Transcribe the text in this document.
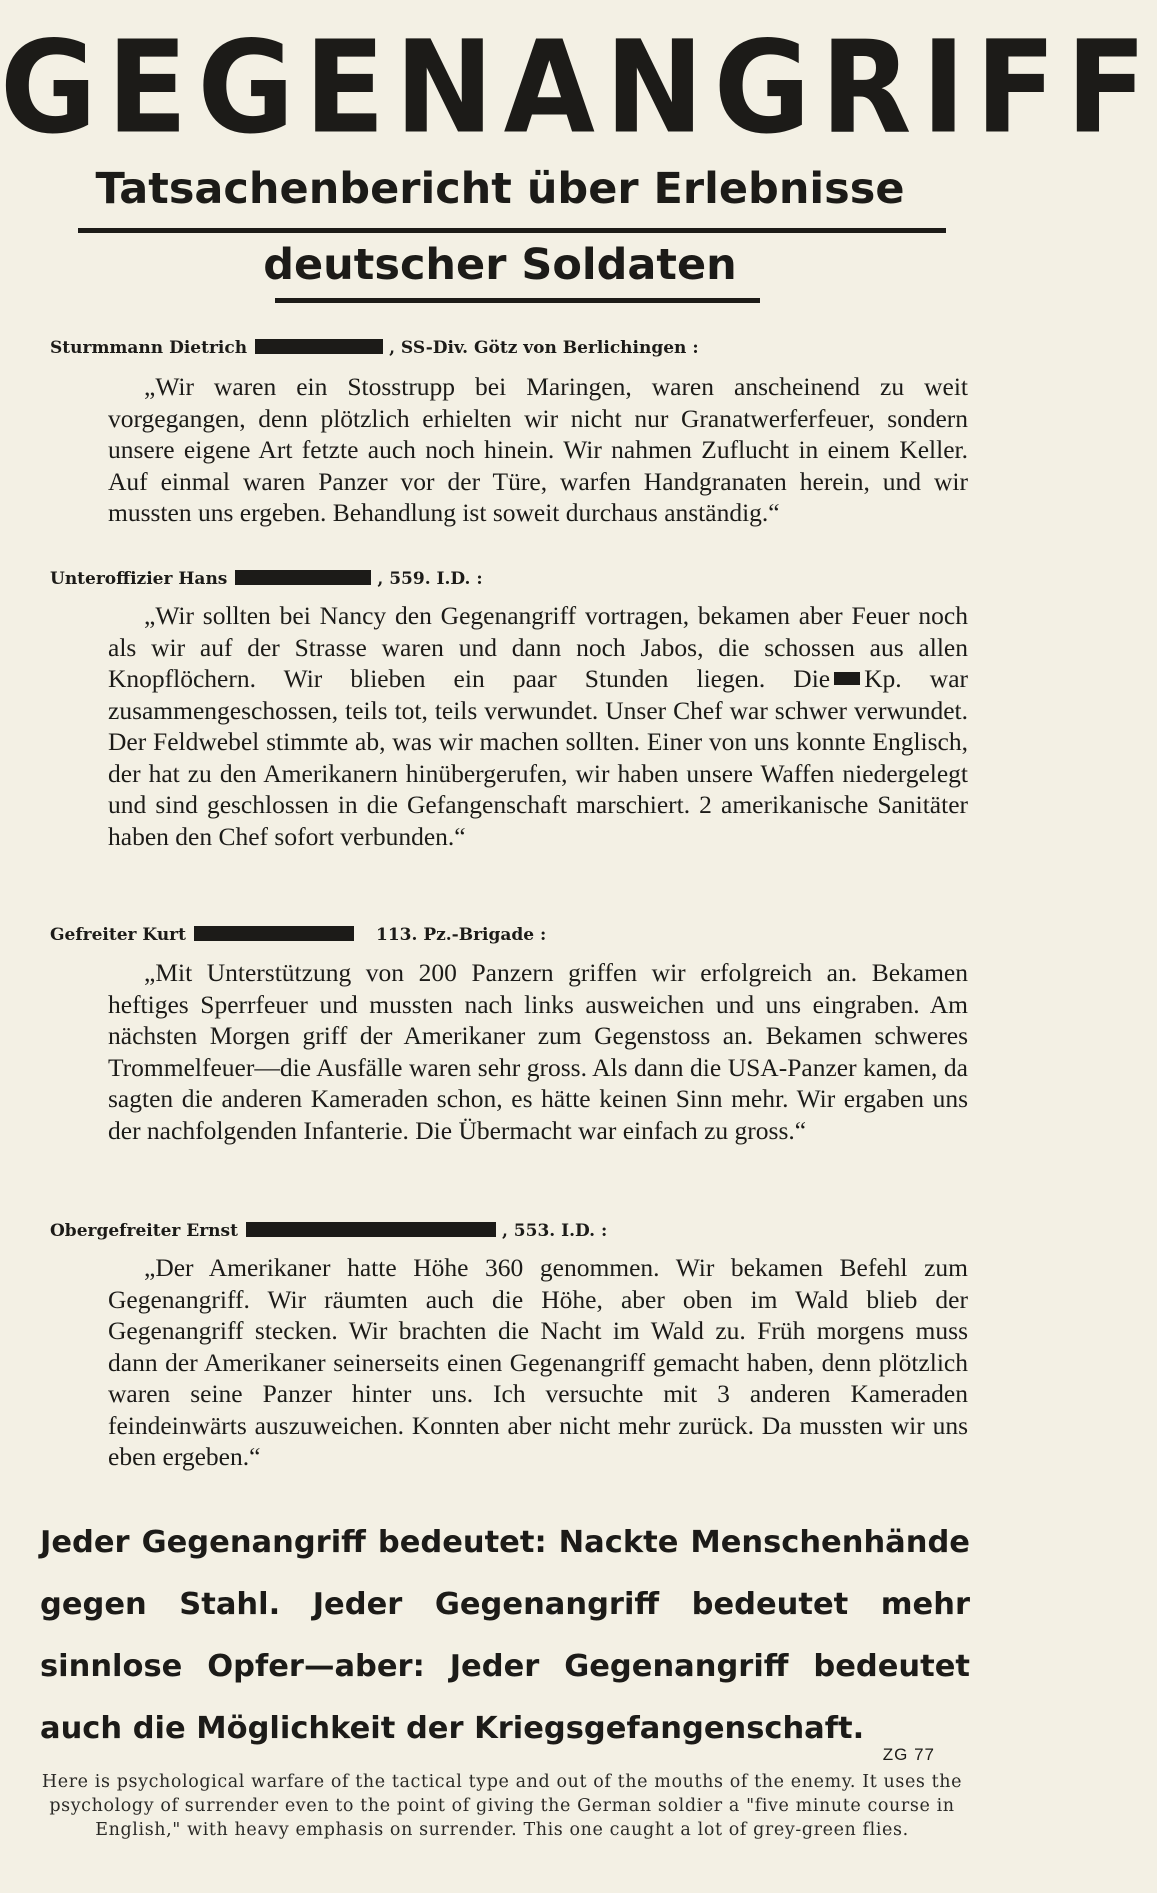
GEGENANGRIFF
Tatsachenbericht über Erlebnisse
deutscher Soldaten
Sturmmann Dietrich	, SS-Div. Götz von Berlichingen :
„Wir waren ein Stosstrupp bei Maringen, waren anscheinend zu weit vorgegangen, denn plötzlich erhielten wir nicht nur Granatwerferfeuer, sondern unsere eigene Art fetzte auch noch hinein. Wir nahmen Zuflucht in einem Keller. Auf einmal waren Panzer vor der Türe, warfen Handgranaten herein, und wir mussten uns ergeben. Behandlung ist soweit durchaus anständig.“
Unteroffizier Hans	, 559. I.D. :
„Wir sollten bei Nancy den Gegenangriff vortragen, bekamen aber Feuer noch als wir auf der Strasse waren und dann noch Jabos, die schossen aus allen Knopflöchern. Wir blieben ein paar Stunden liegen. Die Kp. war zusammengeschossen, teils tot, teils verwundet. Unser Chef war schwer verwundet. Der Feldwebel stimmte ab, was wir machen sollten. Einer von uns konnte Englisch, der hat zu den Amerikanern hinübergerufen, wir haben unsere Waffen niedergelegt und sind geschlossen in die Gefangenschaft marschiert. 2 amerikanische Sanitäter haben den Chef sofort verbunden.“
Gefreiter Kurt	113. Pz.-Brigade :
„Mit Unterstützung von 200 Panzern griffen wir erfolgreich an. Bekamen heftiges Sperrfeuer und mussten nach links ausweichen und uns eingraben. Am nächsten Morgen griff der Amerikaner zum Gegenstoss an. Bekamen schweres Trommelfeuer—die Ausfälle waren sehr gross. Als dann die USA-Panzer kamen, da sagten die anderen Kameraden schon, es hätte keinen Sinn mehr. Wir ergaben uns der nachfolgenden Infanterie. Die Übermacht war einfach zu gross.“
Obergefreiter Ernst	, 553. I.D. :
„Der Amerikaner hatte Höhe 360 genommen. Wir bekamen Befehl zum Gegenangriff. Wir räumten auch die Höhe, aber oben im Wald blieb der Gegenangriff stecken. Wir brachten die Nacht im Wald zu. Früh morgens muss dann der Amerikaner seinerseits einen Gegenangriff gemacht haben, denn plötzlich waren seine Panzer hinter uns. Ich versuchte mit 3 anderen Kameraden feindeinwärts auszuweichen. Konnten aber nicht mehr zurück. Da mussten wir uns eben ergeben.“
Jeder Gegenangriff bedeutet: Nackte Menschenhände gegen Stahl. Jeder Gegenangriff bedeutet mehr sinnlose Opfer—aber: Jeder Gegenangriff bedeutet auch die Möglichkeit der Kriegsgefangenschaft.
ZG 77
Here is psychological warfare of the tactical type and out of the mouths of the enemy. It uses the psychology of surrender even to the point of giving the German soldier a "five minute course in English," with heavy emphasis on surrender. This one caught a lot of grey-green flies.
